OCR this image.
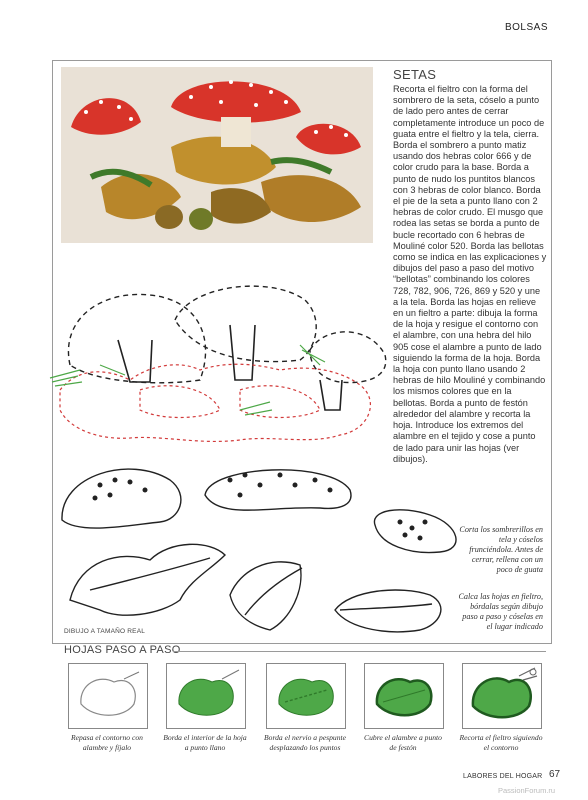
BOLSAS
SETAS
Recorta el fieltro con la forma del sombrero de la seta, cóselo a punto de lado pero antes de cerrar completamente introduce un poco de guata entre el fieltro y la tela, cierra. Borda el sombrero a punto matiz usando dos hebras color 666 y de color crudo para la base. Borda a punto de nudo los puntitos blancos con 3 hebras de color blanco. Borda el pie de la seta a punto llano con 2 hebras de color crudo. El musgo que rodea las setas se borda a punto de bucle recortado con 6 hebras de Mouliné color 520. Borda las bellotas como se indica en las explicaciones y dibujos del paso a paso del motivo “bellotas” combinando los colores 728, 782, 906, 726, 869 y 520 y une a la tela. Borda las hojas en relieve en un fieltro a parte: dibuja la forma de la hoja y resigue el contorno con el alambre, con una hebra del hilo 905 cose el alambre a punto de lado siguiendo la forma de la hoja. Borda la hoja con punto llano usando 2 hebras de hilo Mouliné y combinando los mismos colores que en la bellotas. Borda a punto de festón alrededor del alambre y recorta la hoja. Introduce los extremos del alambre en el tejido y cose a punto de lado para unir las hojas (ver dibujos).
Corta los sombrerillos en tela y cóselos frunciéndola. Antes de cerrar, rellena con un poco de guata
Calca las hojas en fieltro, bórdalas según dibujo paso a paso y cóselas en el lugar indicado
DIBUJO A TAMAÑO REAL
HOJAS PASO A PASO
Repasa el contorno con alambre y fíjalo
Borda el interior de la hoja a punto llano
Borda el nervio a pespunte desplazando los puntos
Cubre el alambre a punto de festón
Recorta el fieltro siguiendo el contorno
LABORES DEL HOGAR 67
PassionForum.ru
